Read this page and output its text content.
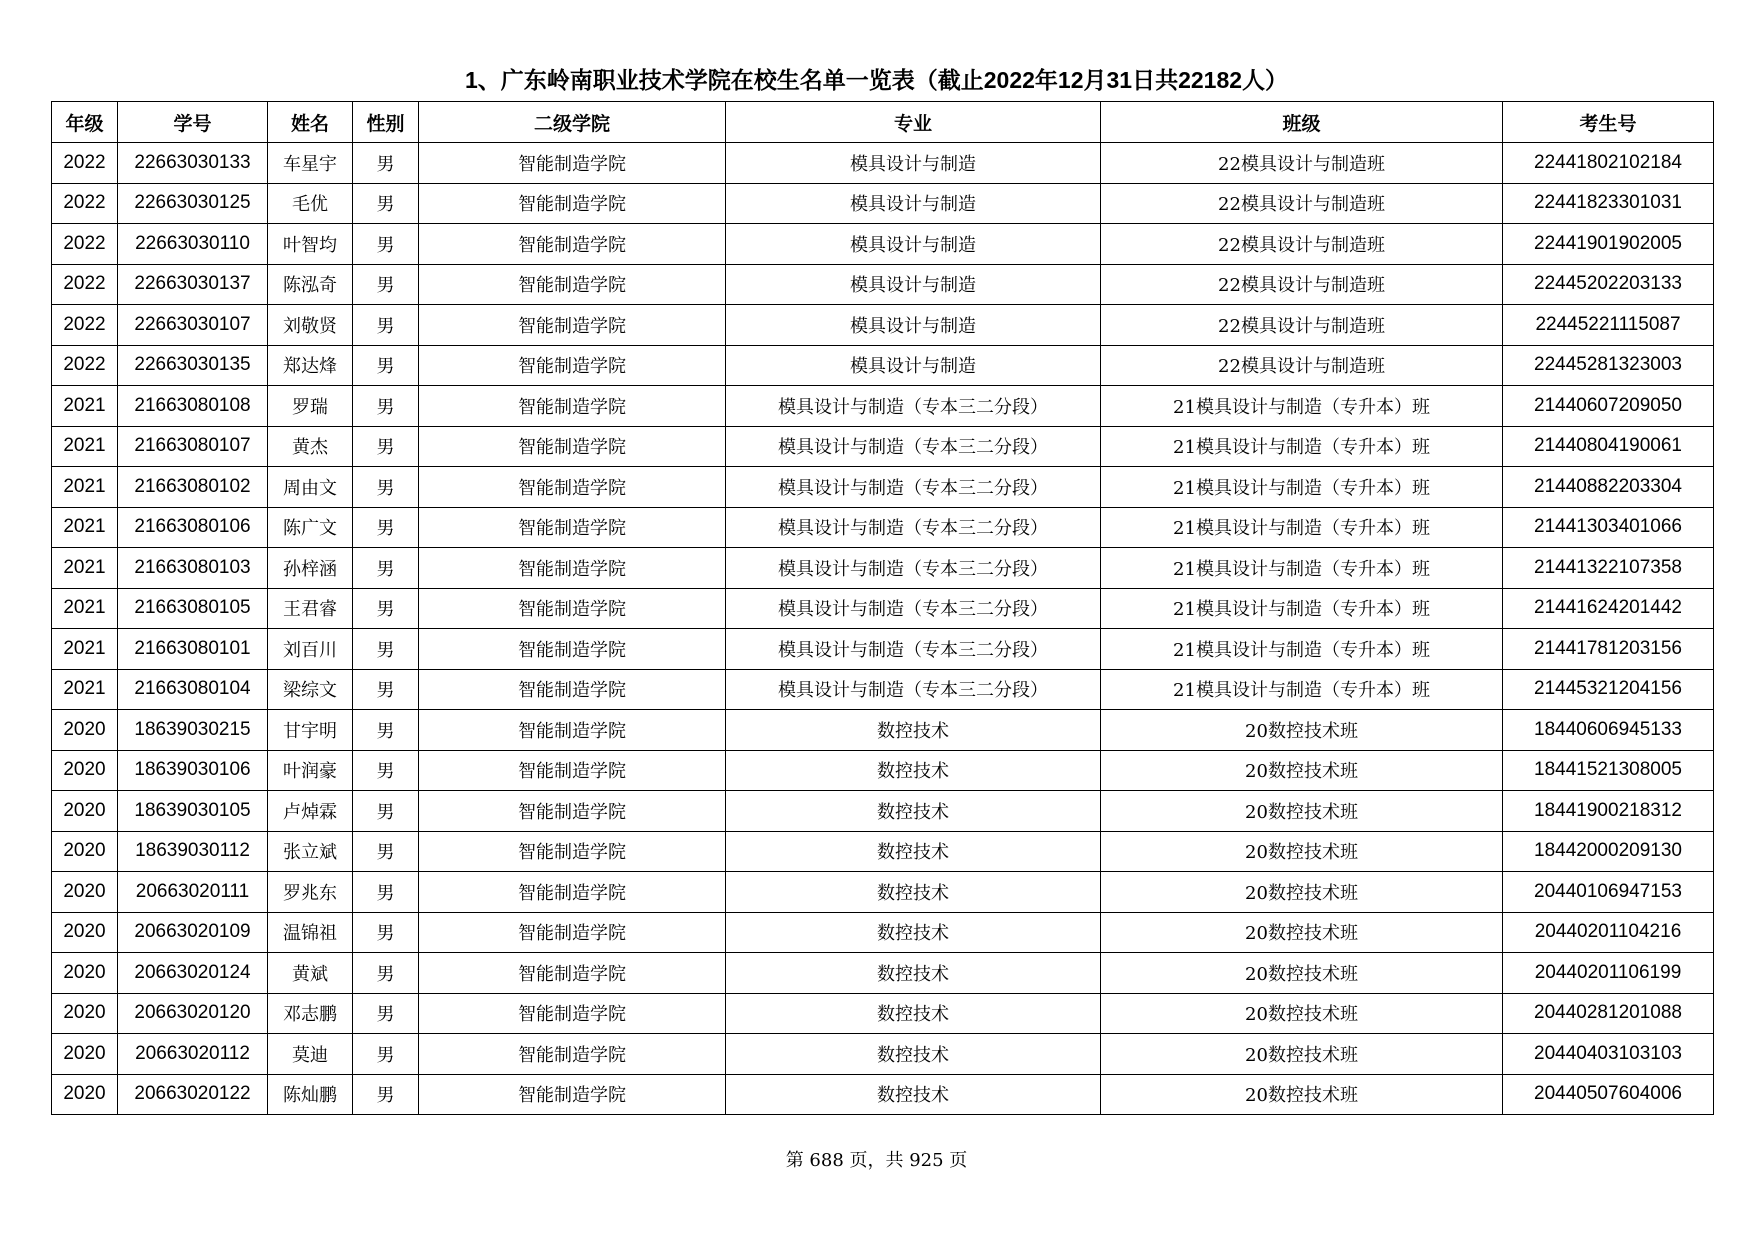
1、广东岭南职业技术学院在校生名单一览表（截止2022年12月31日共22182人）
年级	学号	姓名	性别	二级学院	专业	班级	考生号
2022	22663030133	车星宇	男	智能制造学院	模具设计与制造	22模具设计与制造班	22441802102184
2022	22663030125	毛优	男	智能制造学院	模具设计与制造	22模具设计与制造班	22441823301031
2022	22663030110	叶智均	男	智能制造学院	模具设计与制造	22模具设计与制造班	22441901902005
2022	22663030137	陈泓奇	男	智能制造学院	模具设计与制造	22模具设计与制造班	22445202203133
2022	22663030107	刘敬贤	男	智能制造学院	模具设计与制造	22模具设计与制造班	22445221115087
2022	22663030135	郑达烽	男	智能制造学院	模具设计与制造	22模具设计与制造班	22445281323003
2021	21663080108	罗瑞	男	智能制造学院	模具设计与制造（专本三二分段）	21模具设计与制造（专升本）班	21440607209050
2021	21663080107	黄杰	男	智能制造学院	模具设计与制造（专本三二分段）	21模具设计与制造（专升本）班	21440804190061
2021	21663080102	周由文	男	智能制造学院	模具设计与制造（专本三二分段）	21模具设计与制造（专升本）班	21440882203304
2021	21663080106	陈广文	男	智能制造学院	模具设计与制造（专本三二分段）	21模具设计与制造（专升本）班	21441303401066
2021	21663080103	孙梓涵	男	智能制造学院	模具设计与制造（专本三二分段）	21模具设计与制造（专升本）班	21441322107358
2021	21663080105	王君睿	男	智能制造学院	模具设计与制造（专本三二分段）	21模具设计与制造（专升本）班	21441624201442
2021	21663080101	刘百川	男	智能制造学院	模具设计与制造（专本三二分段）	21模具设计与制造（专升本）班	21441781203156
2021	21663080104	梁综文	男	智能制造学院	模具设计与制造（专本三二分段）	21模具设计与制造（专升本）班	21445321204156
2020	18639030215	甘宇明	男	智能制造学院	数控技术	20数控技术班	18440606945133
2020	18639030106	叶润豪	男	智能制造学院	数控技术	20数控技术班	18441521308005
2020	18639030105	卢焯霖	男	智能制造学院	数控技术	20数控技术班	18441900218312
2020	18639030112	张立斌	男	智能制造学院	数控技术	20数控技术班	18442000209130
2020	20663020111	罗兆东	男	智能制造学院	数控技术	20数控技术班	20440106947153
2020	20663020109	温锦祖	男	智能制造学院	数控技术	20数控技术班	20440201104216
2020	20663020124	黄斌	男	智能制造学院	数控技术	20数控技术班	20440201106199
2020	20663020120	邓志鹏	男	智能制造学院	数控技术	20数控技术班	20440281201088
2020	20663020112	莫迪	男	智能制造学院	数控技术	20数控技术班	20440403103103
2020	20663020122	陈灿鹏	男	智能制造学院	数控技术	20数控技术班	20440507604006
第 688 页，共 925 页
